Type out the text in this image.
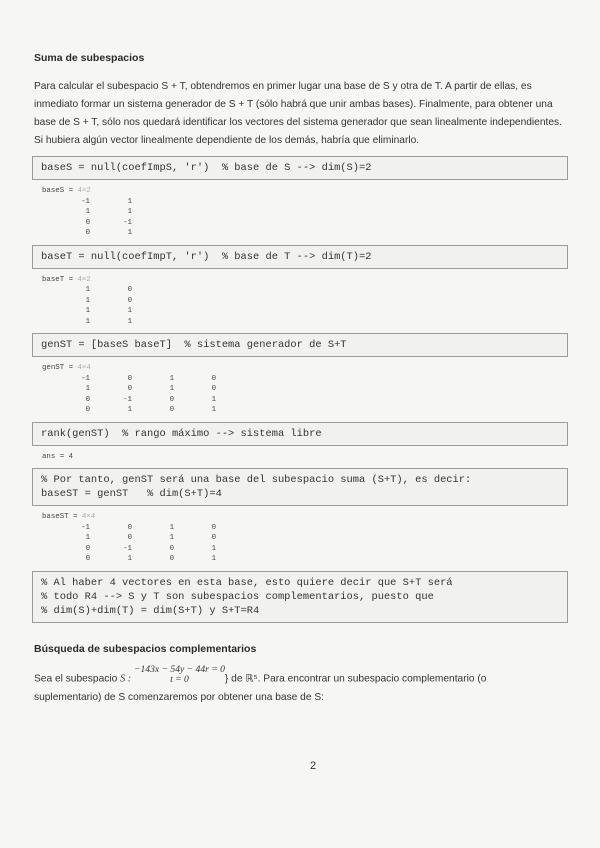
Suma de subespacios

Para calcular el subespacio S + T, obtendremos en primer lugar una base de S y otra de T. A partir de ellas, es inmediato formar un sistema generador de S + T (sólo habrá que unir ambas bases). Finalmente, para obtener una base de S + T, sólo nos quedará identificar los vectores del sistema generador que sean linealmente independientes. Si hubiera algún vector linealmente dependiente de los demás, habría que eliminarlo.

baseS = null(coefImpS, 'r')  % base de S --> dim(S)=2
baseS = 4×2
-1	1
1	1
0	-1
0	1
baseT = null(coefImpT, 'r')  % base de T --> dim(T)=2
baseT = 4×2
1	0
1	0
1	1
1	1
genST = [baseS baseT]  % sistema generador de S+T
genST = 4×4
-1	0	1	0
1	0	1	0
0	-1	0	1
0	1	0	1
rank(genST)  % rango máximo --> sistema libre
ans = 4
% Por tanto, genST será una base del subespacio suma (S+T), es decir:
baseST = genST   % dim(S+T)=4
baseST = 4×4
-1	0	1	0
1	0	1	0
0	-1	0	1
0	1	0	1
% Al haber 4 vectores en esta base, esto quiere decir que S+T será
% todo R4 --> S y T son subespacios complementarios, puesto que
% dim(S)+dim(T) = dim(S+T) y S+T=R4
Búsqueda de subespacios complementarios

Sea el subespacio S : −143x − 54y − 44r = 0
t = 0	} de ℝ⁵. Para encontrar un subespacio complementario (o
suplementario) de S comenzaremos por obtener una base de S:

2
